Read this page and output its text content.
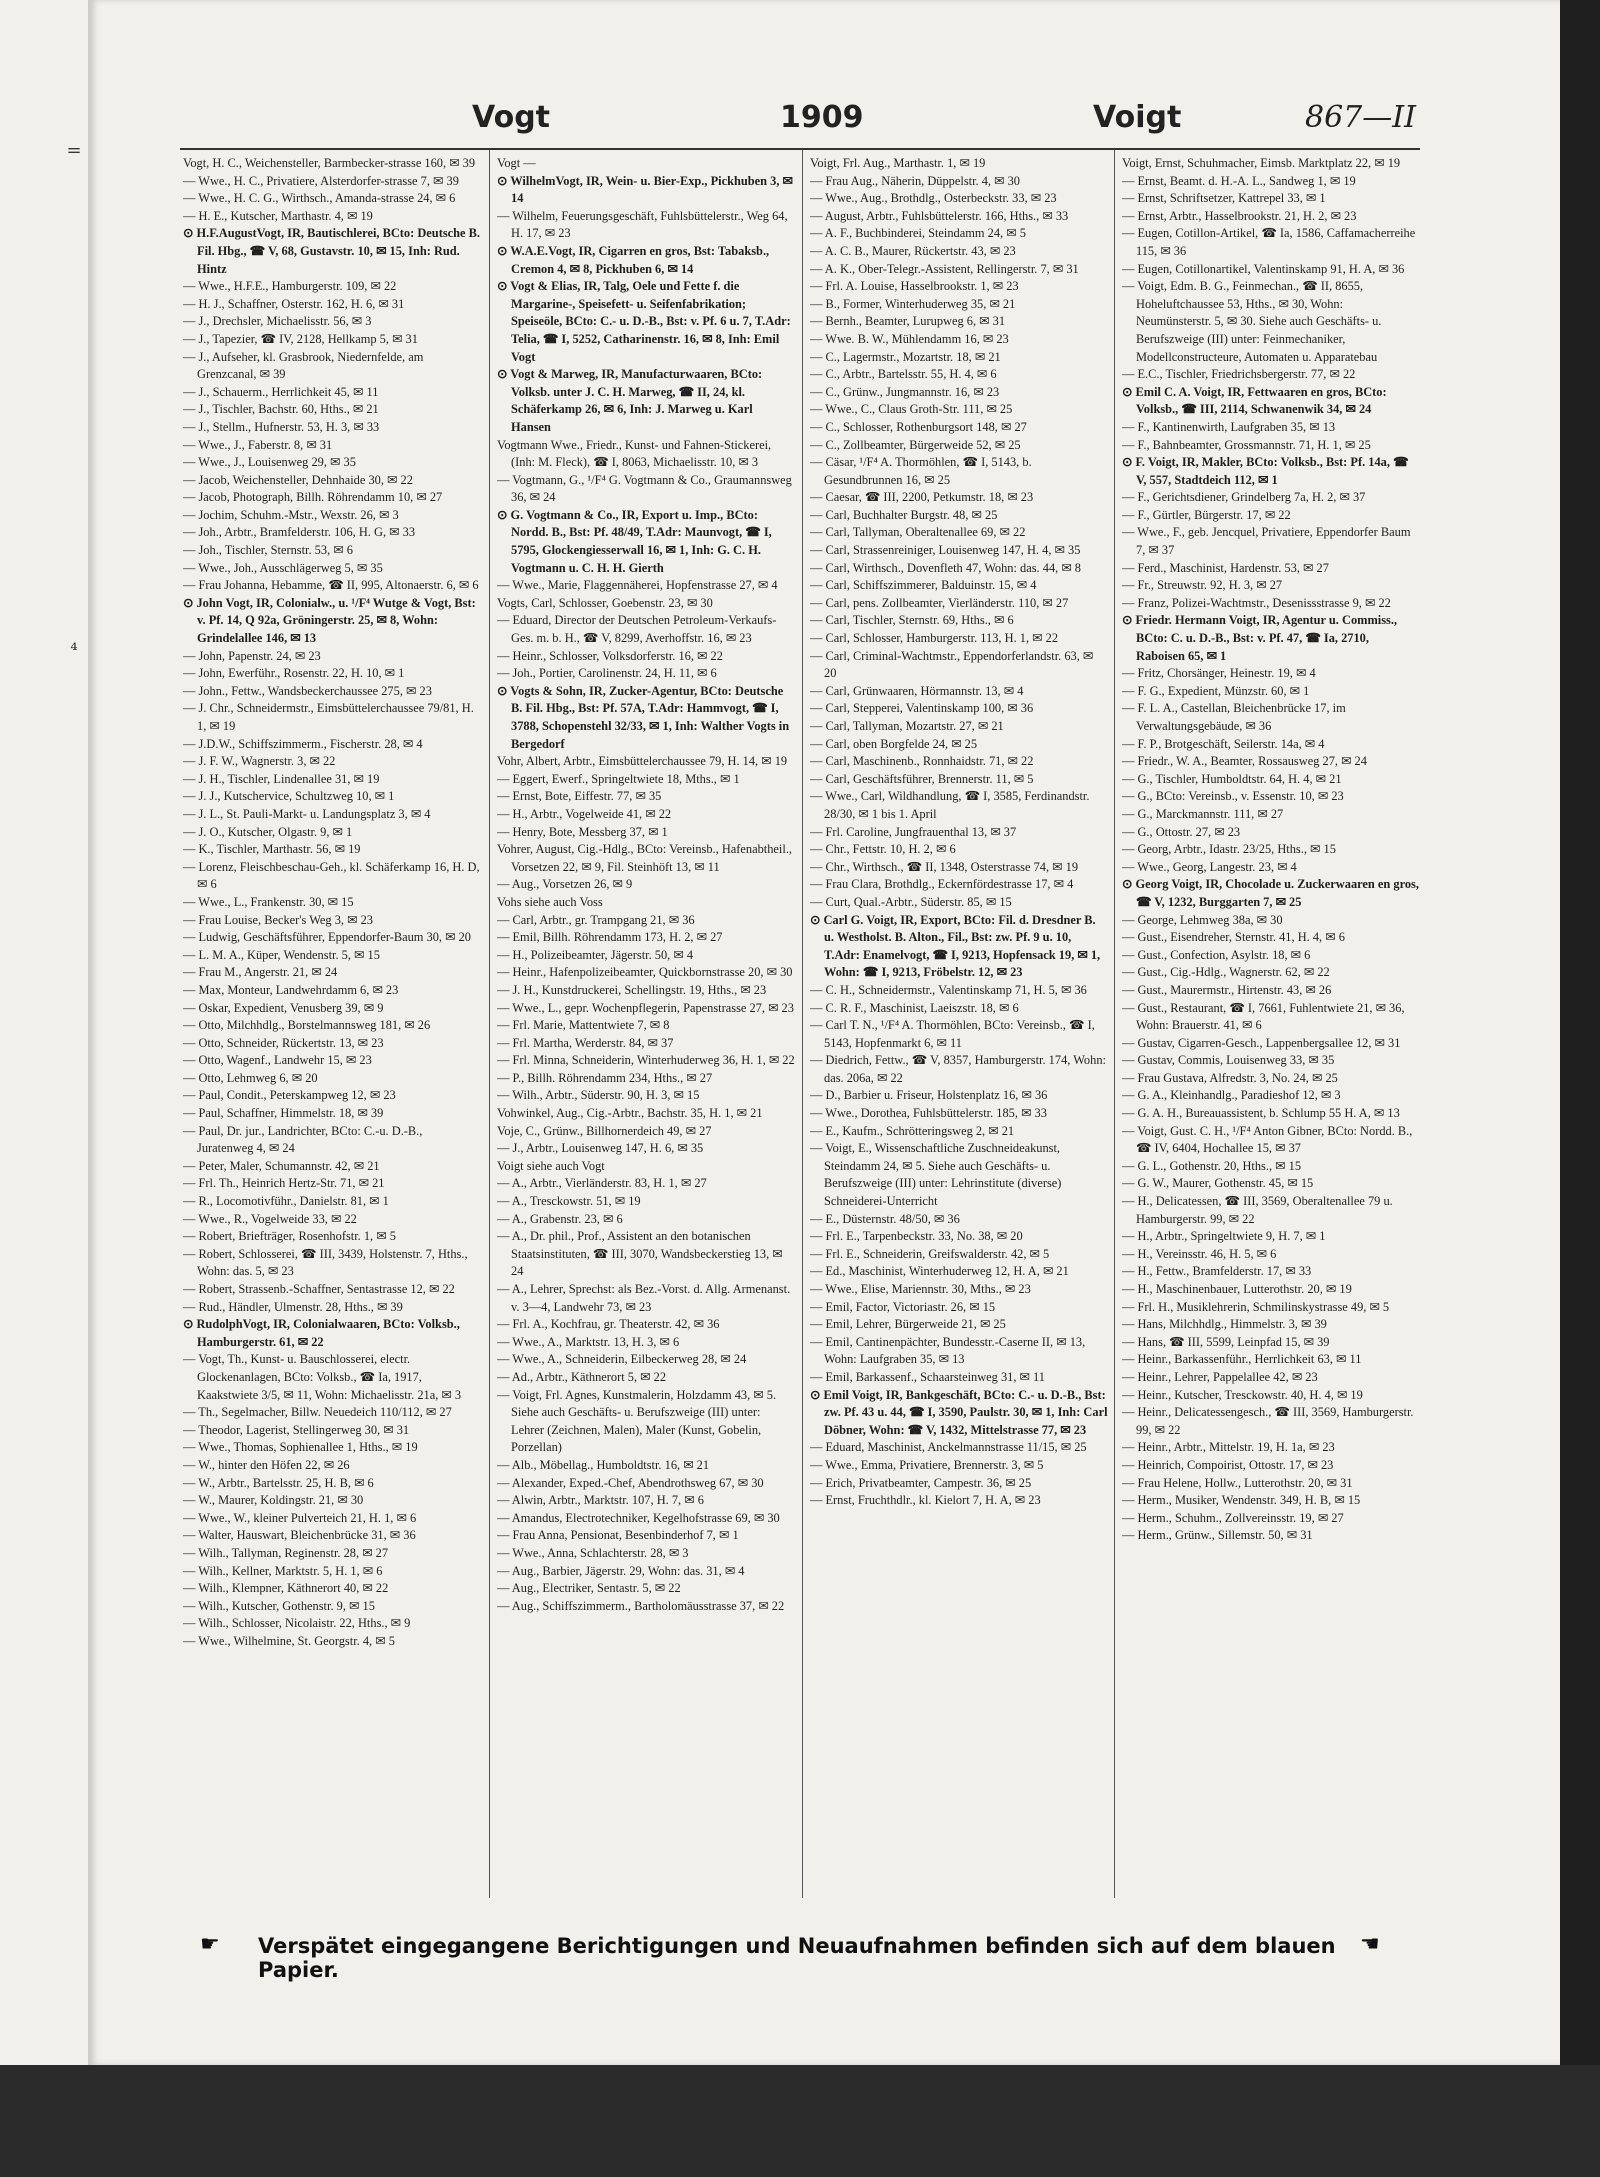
=
⁴
Vogt	1909	Voigt	867—II

Vogt, H. C., Weichensteller, Barmbecker-strasse 160, ✉ 39

— Wwe., H. C., Privatiere, Alsterdorfer-strasse 7, ✉ 39

— Wwe., H. C. G., Wirthsch., Amanda-strasse 24, ✉ 6

— H. E., Kutscher, Marthastr. 4, ✉ 19

⊙ H.F.AugustVogt, IR, Bautischlerei, BCto: Deutsche B. Fil. Hbg., ☎ V, 68, Gustavstr. 10, ✉ 15, Inh: Rud. Hintz

— Wwe., H.F.E., Hamburgerstr. 109, ✉ 22

— H. J., Schaffner, Osterstr. 162, H. 6, ✉ 31

— J., Drechsler, Michaelisstr. 56, ✉ 3

— J., Tapezier, ☎ IV, 2128, Hellkamp 5, ✉ 31

— J., Aufseher, kl. Grasbrook, Niedernfelde, am Grenzcanal, ✉ 39

— J., Schauerm., Herrlichkeit 45, ✉ 11

— J., Tischler, Bachstr. 60, Hths., ✉ 21

— J., Stellm., Hufnerstr. 53, H. 3, ✉ 33

— Wwe., J., Faberstr. 8, ✉ 31

— Wwe., J., Louisenweg 29, ✉ 35

— Jacob, Weichensteller, Dehnhaide 30, ✉ 22

— Jacob, Photograph, Billh. Röhrendamm 10, ✉ 27

— Jochim, Schuhm.-Mstr., Wexstr. 26, ✉ 3

— Joh., Arbtr., Bramfelderstr. 106, H. G, ✉ 33

— Joh., Tischler, Sternstr. 53, ✉ 6

— Wwe., Joh., Ausschlägerweg 5, ✉ 35

— Frau Johanna, Hebamme, ☎ II, 995, Altonaerstr. 6, ✉ 6

⊙ John Vogt, IR, Colonialw., u. ¹/F⁴ Wutge & Vogt, Bst: v. Pf. 14, Q 92a, Gröningerstr. 25, ✉ 8, Wohn: Grindelallee 146, ✉ 13

— John, Papenstr. 24, ✉ 23

— John, Ewerführ., Rosenstr. 22, H. 10, ✉ 1

— John., Fettw., Wandsbeckerchaussee 275, ✉ 23

— J. Chr., Schneidermstr., Eimsbüttelerchaussee 79/81, H. 1, ✉ 19

— J.D.W., Schiffszimmerm., Fischerstr. 28, ✉ 4

— J. F. W., Wagnerstr. 3, ✉ 22

— J. H., Tischler, Lindenallee 31, ✉ 19

— J. J., Kutschervice, Schultzweg 10, ✉ 1

— J. L., St. Pauli-Markt- u. Landungsplatz 3, ✉ 4

— J. O., Kutscher, Olgastr. 9, ✉ 1

— K., Tischler, Marthastr. 56, ✉ 19

— Lorenz, Fleischbeschau-Geh., kl. Schäferkamp 16, H. D, ✉ 6

— Wwe., L., Frankenstr. 30, ✉ 15

— Frau Louise, Becker's Weg 3, ✉ 23

— Ludwig, Geschäftsführer, Eppendorfer-Baum 30, ✉ 20

— L. M. A., Küper, Wendenstr. 5, ✉ 15

— Frau M., Angerstr. 21, ✉ 24

— Max, Monteur, Landwehrdamm 6, ✉ 23

— Oskar, Expedient, Venusberg 39, ✉ 9

— Otto, Milchhdlg., Borstelmannsweg 181, ✉ 26

— Otto, Schneider, Rückertstr. 13, ✉ 23

— Otto, Wagenf., Landwehr 15, ✉ 23

— Otto, Lehmweg 6, ✉ 20

— Paul, Condit., Peterskampweg 12, ✉ 23

— Paul, Schaffner, Himmelstr. 18, ✉ 39

— Paul, Dr. jur., Landrichter, BCto: C.-u. D.-B., Juratenweg 4, ✉ 24

— Peter, Maler, Schumannstr. 42, ✉ 21

— Frl. Th., Heinrich Hertz-Str. 71, ✉ 21

— R., Locomotivführ., Danielstr. 81, ✉ 1

— Wwe., R., Vogelweide 33, ✉ 22

— Robert, Briefträger, Rosenhofstr. 1, ✉ 5

— Robert, Schlosserei, ☎ III, 3439, Holstenstr. 7, Hths., Wohn: das. 5, ✉ 23

— Robert, Strassenb.-Schaffner, Sentastrasse 12, ✉ 22

— Rud., Händler, Ulmenstr. 28, Hths., ✉ 39

⊙ RudolphVogt, IR, Colonialwaaren, BCto: Volksb., Hamburgerstr. 61, ✉ 22

— Vogt, Th., Kunst- u. Bauschlosserei, electr. Glockenanlagen, BCto: Volksb., ☎ Ia, 1917, Kaakstwiete 3/5, ✉ 11, Wohn: Michaelisstr. 21a, ✉ 3

— Th., Segelmacher, Billw. Neuedeich 110/112, ✉ 27

— Theodor, Lagerist, Stellingerweg 30, ✉ 31

— Wwe., Thomas, Sophienallee 1, Hths., ✉ 19

— W., hinter den Höfen 22, ✉ 26

— W., Arbtr., Bartelsstr. 25, H. B, ✉ 6

— W., Maurer, Koldingstr. 21, ✉ 30

— Wwe., W., kleiner Pulverteich 21, H. 1, ✉ 6

— Walter, Hauswart, Bleichenbrücke 31, ✉ 36

— Wilh., Tallyman, Reginenstr. 28, ✉ 27

— Wilh., Kellner, Marktstr. 5, H. 1, ✉ 6

— Wilh., Klempner, Käthnerort 40, ✉ 22

— Wilh., Kutscher, Gothenstr. 9, ✉ 15

— Wilh., Schlosser, Nicolaistr. 22, Hths., ✉ 9

— Wwe., Wilhelmine, St. Georgstr. 4, ✉ 5

Vogt —

⊙ WilhelmVogt, IR, Wein- u. Bier-Exp., Pickhuben 3, ✉ 14

— Wilhelm, Feuerungsgeschäft, Fuhlsbüttelerstr., Weg 64, H. 17, ✉ 23

⊙ W.A.E.Vogt, IR, Cigarren en gros, Bst: Tabaksb., Cremon 4, ✉ 8, Pickhuben 6, ✉ 14

⊙ Vogt & Elias, IR, Talg, Oele und Fette f. die Margarine-, Speisefett- u. Seifenfabrikation; Speiseöle, BCto: C.- u. D.-B., Bst: v. Pf. 6 u. 7, T.Adr: Telia, ☎ I, 5252, Catharinenstr. 16, ✉ 8, Inh: Emil Vogt

⊙ Vogt & Marweg, IR, Manufacturwaaren, BCto: Volksb. unter J. C. H. Marweg, ☎ II, 24, kl. Schäferkamp 26, ✉ 6, Inh: J. Marweg u. Karl Hansen

Vogtmann Wwe., Friedr., Kunst- und Fahnen-Stickerei, (Inh: M. Fleck), ☎ I, 8063, Michaelisstr. 10, ✉ 3

— Vogtmann, G., ¹/F⁴ G. Vogtmann & Co., Graumannsweg 36, ✉ 24

⊙ G. Vogtmann & Co., IR, Export u. Imp., BCto: Nordd. B., Bst: Pf. 48/49, T.Adr: Maunvogt, ☎ I, 5795, Glockengiesserwall 16, ✉ 1, Inh: G. C. H. Vogtmann u. C. H. H. Gierth

— Wwe., Marie, Flaggennäherei, Hopfenstrasse 27, ✉ 4

Vogts, Carl, Schlosser, Goebenstr. 23, ✉ 30

— Eduard, Director der Deutschen Petroleum-Verkaufs-Ges. m. b. H., ☎ V, 8299, Averhoffstr. 16, ✉ 23

— Heinr., Schlosser, Volksdorferstr. 16, ✉ 22

— Joh., Portier, Carolinenstr. 24, H. 11, ✉ 6

⊙ Vogts & Sohn, IR, Zucker-Agentur, BCto: Deutsche B. Fil. Hbg., Bst: Pf. 57A, T.Adr: Hammvogt, ☎ I, 3788, Schopenstehl 32/33, ✉ 1, Inh: Walther Vogts in Bergedorf

Vohr, Albert, Arbtr., Eimsbüttelerchaussee 79, H. 14, ✉ 19

— Eggert, Ewerf., Springeltwiete 18, Mths., ✉ 1

— Ernst, Bote, Eiffestr. 77, ✉ 35

— H., Arbtr., Vogelweide 41, ✉ 22

— Henry, Bote, Messberg 37, ✉ 1

Vohrer, August, Cig.-Hdlg., BCto: Vereinsb., Hafenabtheil., Vorsetzen 22, ✉ 9, Fil. Steinhöft 13, ✉ 11

— Aug., Vorsetzen 26, ✉ 9

Vohs siehe auch Voss

— Carl, Arbtr., gr. Trampgang 21, ✉ 36

— Emil, Billh. Röhrendamm 173, H. 2, ✉ 27

— H., Polizeibeamter, Jägerstr. 50, ✉ 4

— Heinr., Hafenpolizeibeamter, Quickbornstrasse 20, ✉ 30

— J. H., Kunstdruckerei, Schellingstr. 19, Hths., ✉ 23

— Wwe., L., gepr. Wochenpflegerin, Papenstrasse 27, ✉ 23

— Frl. Marie, Mattentwiete 7, ✉ 8

— Frl. Martha, Werderstr. 84, ✉ 37

— Frl. Minna, Schneiderin, Winterhuderweg 36, H. 1, ✉ 22

— P., Billh. Röhrendamm 234, Hths., ✉ 27

— Wilh., Arbtr., Süderstr. 90, H. 3, ✉ 15

Vohwinkel, Aug., Cig.-Arbtr., Bachstr. 35, H. 1, ✉ 21

Voje, C., Grünw., Billhornerdeich 49, ✉ 27

— J., Arbtr., Louisenweg 147, H. 6, ✉ 35

Voigt siehe auch Vogt

— A., Arbtr., Vierländerstr. 83, H. 1, ✉ 27

— A., Tresckowstr. 51, ✉ 19

— A., Grabenstr. 23, ✉ 6

— A., Dr. phil., Prof., Assistent an den botanischen Staatsinstituten, ☎ III, 3070, Wandsbeckerstieg 13, ✉ 24

— A., Lehrer, Sprechst: als Bez.-Vorst. d. Allg. Armenanst. v. 3—4, Landwehr 73, ✉ 23

— Frl. A., Kochfrau, gr. Theaterstr. 42, ✉ 36

— Wwe., A., Marktstr. 13, H. 3, ✉ 6

— Wwe., A., Schneiderin, Eilbeckerweg 28, ✉ 24

— Ad., Arbtr., Käthnerort 5, ✉ 22

— Voigt, Frl. Agnes, Kunstmalerin, Holzdamm 43, ✉ 5. Siehe auch Geschäfts- u. Berufszweige (III) unter: Lehrer (Zeichnen, Malen), Maler (Kunst, Gobelin, Porzellan)

— Alb., Möbellag., Humboldtstr. 16, ✉ 21

— Alexander, Exped.-Chef, Abendrothsweg 67, ✉ 30

— Alwin, Arbtr., Marktstr. 107, H. 7, ✉ 6

— Amandus, Electrotechniker, Kegelhofstrasse 69, ✉ 30

— Frau Anna, Pensionat, Besenbinderhof 7, ✉ 1

— Wwe., Anna, Schlachterstr. 28, ✉ 3

— Aug., Barbier, Jägerstr. 29, Wohn: das. 31, ✉ 4

— Aug., Electriker, Sentastr. 5, ✉ 22

— Aug., Schiffszimmerm., Bartholomäusstrasse 37, ✉ 22

Voigt, Frl. Aug., Marthastr. 1, ✉ 19

— Frau Aug., Näherin, Düppelstr. 4, ✉ 30

— Wwe., Aug., Brothdlg., Osterbeckstr. 33, ✉ 23

— August, Arbtr., Fuhlsbüttelerstr. 166, Hths., ✉ 33

— A. F., Buchbinderei, Steindamm 24, ✉ 5

— A. C. B., Maurer, Rückertstr. 43, ✉ 23

— A. K., Ober-Telegr.-Assistent, Rellingerstr. 7, ✉ 31

— Frl. A. Louise, Hasselbrookstr. 1, ✉ 23

— B., Former, Winterhuderweg 35, ✉ 21

— Bernh., Beamter, Lurupweg 6, ✉ 31

— Wwe. B. W., Mühlendamm 16, ✉ 23

— C., Lagermstr., Mozartstr. 18, ✉ 21

— C., Arbtr., Bartelsstr. 55, H. 4, ✉ 6

— C., Grünw., Jungmannstr. 16, ✉ 23

— Wwe., C., Claus Groth-Str. 111, ✉ 25

— C., Schlosser, Rothenburgsort 148, ✉ 27

— C., Zollbeamter, Bürgerweide 52, ✉ 25

— Cäsar, ¹/F⁴ A. Thormöhlen, ☎ I, 5143, b. Gesundbrunnen 16, ✉ 25

— Caesar, ☎ III, 2200, Petkumstr. 18, ✉ 23

— Carl, Buchhalter Burgstr. 48, ✉ 25

— Carl, Tallyman, Oberaltenallee 69, ✉ 22

— Carl, Strassenreiniger, Louisenweg 147, H. 4, ✉ 35

— Carl, Wirthsch., Dovenfleth 47, Wohn: das. 44, ✉ 8

— Carl, Schiffszimmerer, Balduinstr. 15, ✉ 4

— Carl, pens. Zollbeamter, Vierländerstr. 110, ✉ 27

— Carl, Tischler, Sternstr. 69, Hths., ✉ 6

— Carl, Schlosser, Hamburgerstr. 113, H. 1, ✉ 22

— Carl, Criminal-Wachtmstr., Eppendorferlandstr. 63, ✉ 20

— Carl, Grünwaaren, Hörmannstr. 13, ✉ 4

— Carl, Stepperei, Valentinskamp 100, ✉ 36

— Carl, Tallyman, Mozartstr. 27, ✉ 21

— Carl, oben Borgfelde 24, ✉ 25

— Carl, Maschinenb., Ronnhaidstr. 71, ✉ 22

— Carl, Geschäftsführer, Brennerstr. 11, ✉ 5

— Wwe., Carl, Wildhandlung, ☎ I, 3585, Ferdinandstr. 28/30, ✉ 1 bis 1. April

— Frl. Caroline, Jungfrauenthal 13, ✉ 37

— Chr., Fettstr. 10, H. 2, ✉ 6

— Chr., Wirthsch., ☎ II, 1348, Osterstrasse 74, ✉ 19

— Frau Clara, Brothdlg., Eckernfördestrasse 17, ✉ 4

— Curt, Qual.-Arbtr., Süderstr. 85, ✉ 15

⊙ Carl G. Voigt, IR, Export, BCto: Fil. d. Dresdner B. u. Westholst. B. Alton., Fil., Bst: zw. Pf. 9 u. 10, T.Adr: Enamelvogt, ☎ I, 9213, Hopfensack 19, ✉ 1, Wohn: ☎ I, 9213, Fröbelstr. 12, ✉ 23

— C. H., Schneidermstr., Valentinskamp 71, H. 5, ✉ 36

— C. R. F., Maschinist, Laeiszstr. 18, ✉ 6

— Carl T. N., ¹/F⁴ A. Thormöhlen, BCto: Vereinsb., ☎ I, 5143, Hopfenmarkt 6, ✉ 11

— Diedrich, Fettw., ☎ V, 8357, Hamburgerstr. 174, Wohn: das. 206a, ✉ 22

— D., Barbier u. Friseur, Holstenplatz 16, ✉ 36

— Wwe., Dorothea, Fuhlsbüttelerstr. 185, ✉ 33

— E., Kaufm., Schrötteringsweg 2, ✉ 21

— Voigt, E., Wissenschaftliche Zuschneideakunst, Steindamm 24, ✉ 5. Siehe auch Geschäfts- u. Berufszweige (III) unter: Lehrinstitute (diverse) Schneiderei-Unterricht

— E., Düsternstr. 48/50, ✉ 36

— Frl. E., Tarpenbeckstr. 33, No. 38, ✉ 20

— Frl. E., Schneiderin, Greifswalderstr. 42, ✉ 5

— Ed., Maschinist, Winterhuderweg 12, H. A, ✉ 21

— Wwe., Elise, Mariennstr. 30, Mths., ✉ 23

— Emil, Factor, Victoriastr. 26, ✉ 15

— Emil, Lehrer, Bürgerweide 21, ✉ 25

— Emil, Cantinenpächter, Bundesstr.-Caserne II, ✉ 13, Wohn: Laufgraben 35, ✉ 13

— Emil, Barkassenf., Schaarsteinweg 31, ✉ 11

⊙ Emil Voigt, IR, Bankgeschäft, BCto: C.- u. D.-B., Bst: zw. Pf. 43 u. 44, ☎ I, 3590, Paulstr. 30, ✉ 1, Inh: Carl Döbner, Wohn: ☎ V, 1432, Mittelstrasse 77, ✉ 23

— Eduard, Maschinist, Anckelmannstrasse 11/15, ✉ 25

— Wwe., Emma, Privatiere, Brennerstr. 3, ✉ 5

— Erich, Privatbeamter, Campestr. 36, ✉ 25

— Ernst, Fruchthdlr., kl. Kielort 7, H. A, ✉ 23

Voigt, Ernst, Schuhmacher, Eimsb. Marktplatz 22, ✉ 19

— Ernst, Beamt. d. H.-A. L., Sandweg 1, ✉ 19

— Ernst, Schriftsetzer, Kattrepel 33, ✉ 1

— Ernst, Arbtr., Hasselbrookstr. 21, H. 2, ✉ 23

— Eugen, Cotillon-Artikel, ☎ Ia, 1586, Caffamacherreihe 115, ✉ 36

— Eugen, Cotillonartikel, Valentinskamp 91, H. A, ✉ 36

— Voigt, Edm. B. G., Feinmechan., ☎ II, 8655, Hoheluftchaussee 53, Hths., ✉ 30, Wohn: Neumünsterstr. 5, ✉ 30. Siehe auch Geschäfts- u. Berufszweige (III) unter: Feinmechaniker, Modellconstructeure, Automaten u. Apparatebau

— E.C., Tischler, Friedrichsbergerstr. 77, ✉ 22

⊙ Emil C. A. Voigt, IR, Fettwaaren en gros, BCto: Volksb., ☎ III, 2114, Schwanenwik 34, ✉ 24

— F., Kantinenwirth, Laufgraben 35, ✉ 13

— F., Bahnbeamter, Grossmannstr. 71, H. 1, ✉ 25

⊙ F. Voigt, IR, Makler, BCto: Volksb., Bst: Pf. 14a, ☎ V, 557, Stadtdeich 112, ✉ 1

— F., Gerichtsdiener, Grindelberg 7a, H. 2, ✉ 37

— F., Gürtler, Bürgerstr. 17, ✉ 22

— Wwe., F., geb. Jencquel, Privatiere, Eppendorfer Baum 7, ✉ 37

— Ferd., Maschinist, Hardenstr. 53, ✉ 27

— Fr., Streuwstr. 92, H. 3, ✉ 27

— Franz, Polizei-Wachtmstr., Desenissstrasse 9, ✉ 22

⊙ Friedr. Hermann Voigt, IR, Agentur u. Commiss., BCto: C. u. D.-B., Bst: v. Pf. 47, ☎ Ia, 2710, Raboisen 65, ✉ 1

— Fritz, Chorsänger, Heinestr. 19, ✉ 4

— F. G., Expedient, Münzstr. 60, ✉ 1

— F. L. A., Castellan, Bleichenbrücke 17, im Verwaltungsgebäude, ✉ 36

— F. P., Brotgeschäft, Seilerstr. 14a, ✉ 4

— Friedr., W. A., Beamter, Rossausweg 27, ✉ 24

— G., Tischler, Humboldtstr. 64, H. 4, ✉ 21

— G., BCto: Vereinsb., v. Essenstr. 10, ✉ 23

— G., Marckmannstr. 111, ✉ 27

— G., Ottostr. 27, ✉ 23

— Georg, Arbtr., Idastr. 23/25, Hths., ✉ 15

— Wwe., Georg, Langestr. 23, ✉ 4

⊙ Georg Voigt, IR, Chocolade u. Zuckerwaaren en gros, ☎ V, 1232, Burggarten 7, ✉ 25

— George, Lehmweg 38a, ✉ 30

— Gust., Eisendreher, Sternstr. 41, H. 4, ✉ 6

— Gust., Confection, Asylstr. 18, ✉ 6

— Gust., Cig.-Hdlg., Wagnerstr. 62, ✉ 22

— Gust., Maurermstr., Hirtenstr. 43, ✉ 26

— Gust., Restaurant, ☎ I, 7661, Fuhlentwiete 21, ✉ 36, Wohn: Brauerstr. 41, ✉ 6

— Gustav, Cigarren-Gesch., Lappenbergsallee 12, ✉ 31

— Gustav, Commis, Louisenweg 33, ✉ 35

— Frau Gustava, Alfredstr. 3, No. 24, ✉ 25

— G. A., Kleinhandlg., Paradieshof 12, ✉ 3

— G. A. H., Bureauassistent, b. Schlump 55 H. A, ✉ 13

— Voigt, Gust. C. H., ¹/F⁴ Anton Gibner, BCto: Nordd. B., ☎ IV, 6404, Hochallee 15, ✉ 37

— G. L., Gothenstr. 20, Hths., ✉ 15

— G. W., Maurer, Gothenstr. 45, ✉ 15

— H., Delicatessen, ☎ III, 3569, Oberaltenallee 79 u. Hamburgerstr. 99, ✉ 22

— H., Arbtr., Springeltwiete 9, H. 7, ✉ 1

— H., Vereinsstr. 46, H. 5, ✉ 6

— H., Fettw., Bramfelderstr. 17, ✉ 33

— H., Maschinenbauer, Lutterothstr. 20, ✉ 19

— Frl. H., Musiklehrerin, Schmilinskystrasse 49, ✉ 5

— Hans, Milchhdlg., Himmelstr. 3, ✉ 39

— Hans, ☎ III, 5599, Leinpfad 15, ✉ 39

— Heinr., Barkassenführ., Herrlichkeit 63, ✉ 11

— Heinr., Lehrer, Pappelallee 42, ✉ 23

— Heinr., Kutscher, Tresckowstr. 40, H. 4, ✉ 19

— Heinr., Delicatessengesch., ☎ III, 3569, Hamburgerstr. 99, ✉ 22

— Heinr., Arbtr., Mittelstr. 19, H. 1a, ✉ 23

— Heinrich, Compoirist, Ottostr. 17, ✉ 23

— Frau Helene, Hollw., Lutterothstr. 20, ✉ 31

— Herm., Musiker, Wendenstr. 349, H. B, ✉ 15

— Herm., Schuhm., Zollvereinsstr. 19, ✉ 27

— Herm., Grünw., Sillemstr. 50, ✉ 31

☛ Verspätet eingegangene Berichtigungen und Neuaufnahmen befinden sich auf dem blauen Papier.
☚
